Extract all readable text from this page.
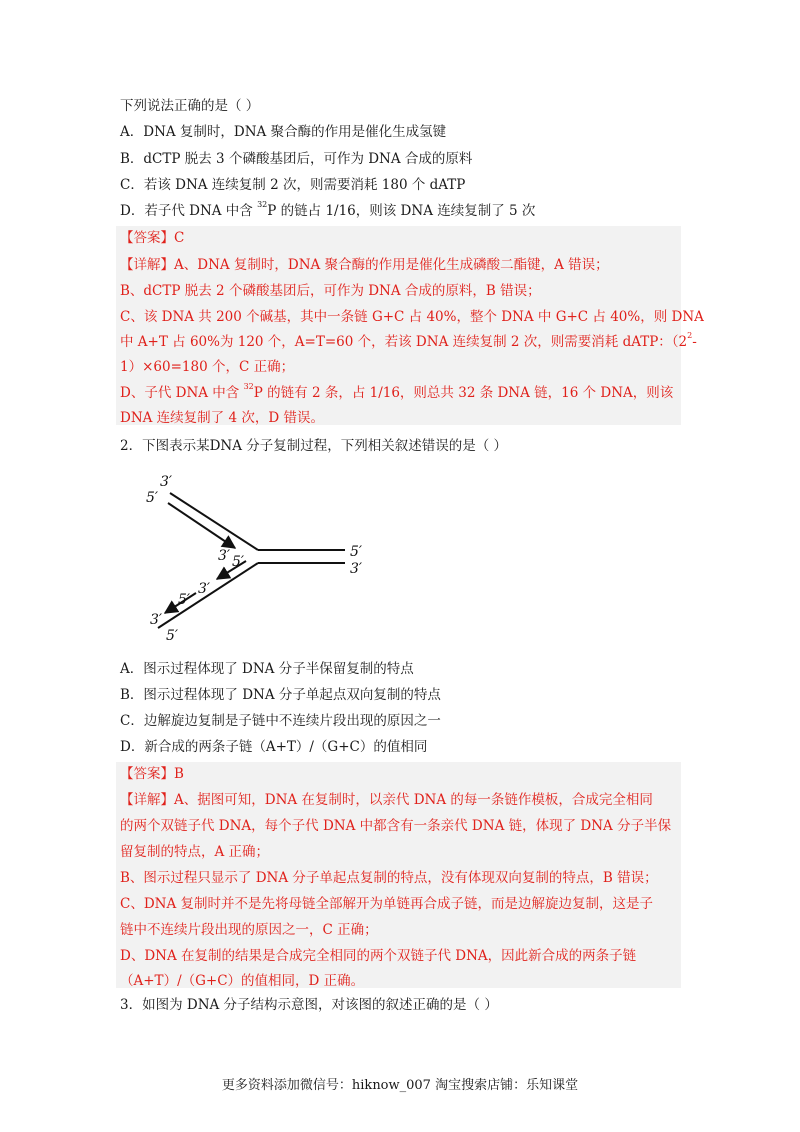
下列说法正确的是（ ）
A．DNA 复制时，DNA 聚合酶的作用是催化生成氢键
B．dCTP 脱去 3 个磷酸基团后，可作为 DNA 合成的原料
C．若该 DNA 连续复制 2 次，则需要消耗 180 个 dATP
D．若子代 DNA 中含 $^{32}$P 的链占 1/16，则该 DNA 连续复制了 5 次
【答案】C
【详解】A、DNA 复制时，DNA 聚合酶的作用是催化生成磷酸二酯键，A 错误；
B、dCTP 脱去 2 个磷酸基团后，可作为 DNA 合成的原料，B 错误；
C、该 DNA 共 200 个碱基，其中一条链 G+C 占 40%，整个 DNA 中 G+C 占 40%，则 DNA
中 A+T 占 60%为 120 个，A=T=60 个，若该 DNA 连续复制 2 次，则需要消耗 dATP：（$2^2-$
1）×60=180 个，C 正确；
D、子代 DNA 中含 $^{32}$P 的链有 2 条，占 1/16，则总共 32 条 DNA 链，16 个 DNA，则该
DNA 连续复制了 4 次，D 错误。
2．下图表示某DNA 分子复制过程，下列相关叙述错误的是（ ）
3′
5′
3′ 5′
5′
3′
3′
5′
3′
5′
A．图示过程体现了 DNA 分子半保留复制的特点
B．图示过程体现了 DNA 分子单起点双向复制的特点
C．边解旋边复制是子链中不连续片段出现的原因之一
D．新合成的两条子链（A+T）/（G+C）的值相同
【答案】B
【详解】A、据图可知，DNA 在复制时，以亲代 DNA 的每一条链作模板，合成完全相同
的两个双链子代 DNA，每个子代 DNA 中都含有一条亲代 DNA 链，体现了 DNA 分子半保
留复制的特点，A 正确；
B、图示过程只显示了 DNA 分子单起点复制的特点，没有体现双向复制的特点，B 错误；
C、DNA 复制时并不是先将母链全部解开为单链再合成子链，而是边解旋边复制，这是子
链中不连续片段出现的原因之一，C 正确；
D、DNA 在复制的结果是合成完全相同的两个双链子代 DNA，因此新合成的两条子链
（A+T）/（G+C）的值相同，D 正确。
3．如图为 DNA 分子结构示意图，对该图的叙述正确的是（ ）
更多资料添加微信号：hiknow_007 淘宝搜索店铺：乐知课堂
